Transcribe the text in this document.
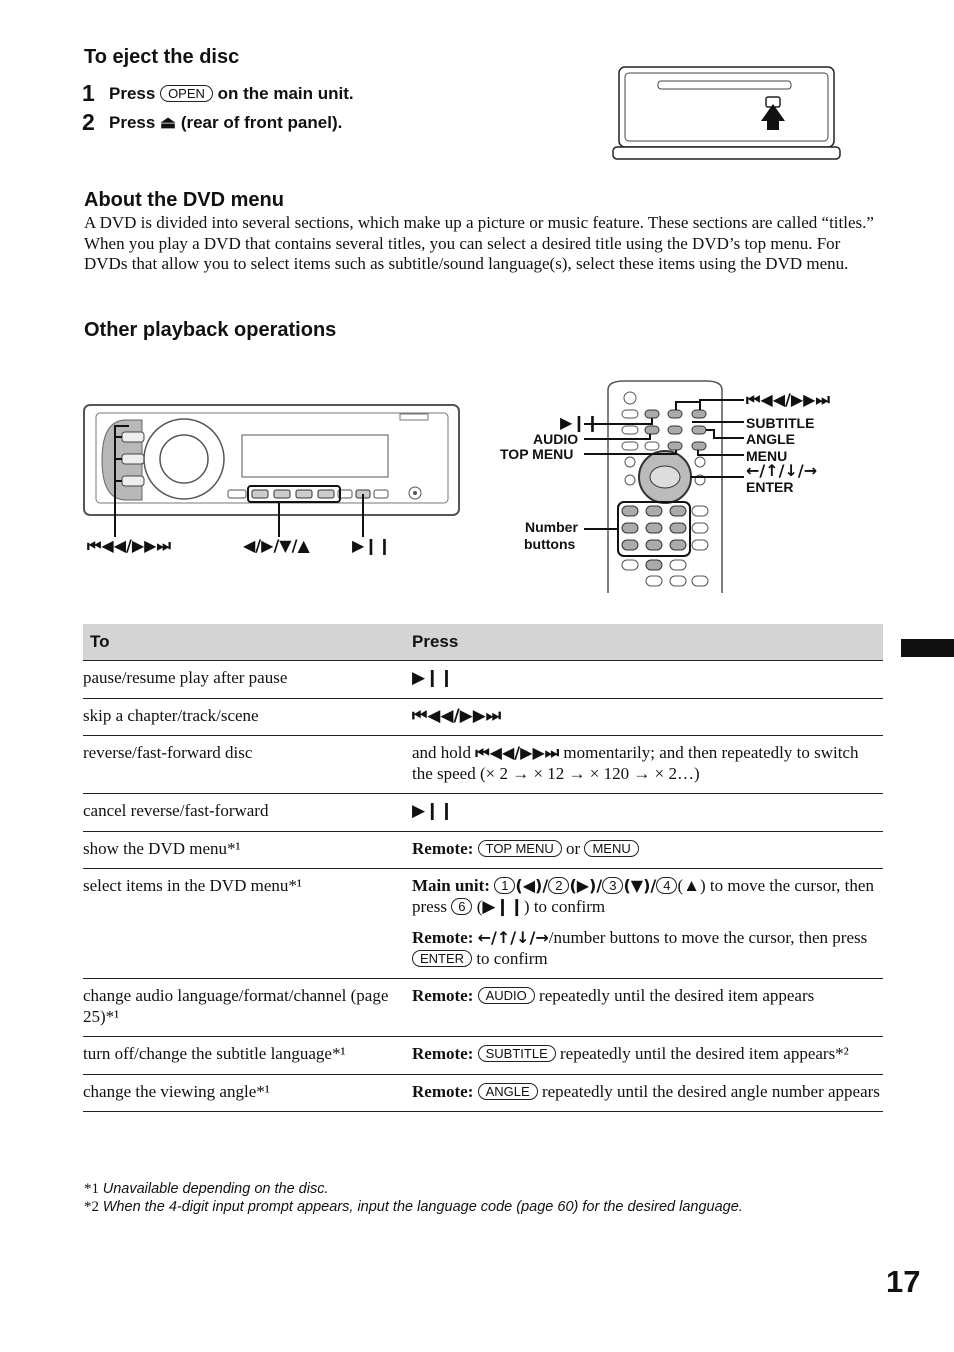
To eject the disc
1 Press OPEN on the main unit.
2 Press ⏏ (rear of front panel).
About the DVD menu
A DVD is divided into several sections, which make up a picture or music feature. These sections are called “titles.” When you play a DVD that contains several titles, you can select a desired title using the DVD’s top menu. For DVDs that allow you to select items such as subtitle/sound language(s), select these items using the DVD menu.
Other playback operations
⏮◀◀/▶▶⏭	◀/▶/▼/▲	▶❙❙
▶❙❙
AUDIO
TOP MENU
Number
buttons
⏮◀◀/▶▶⏭
SUBTITLE
ANGLE
MENU
←/↑/↓/→
ENTER
To	Press
pause/resume play after pause	▶❙❙
skip a chapter/track/scene	⏮◀◀/▶▶⏭
reverse/fast-forward disc	and hold ⏮◀◀/▶▶⏭ momentarily; and then repeatedly to switch the speed (× 2 → × 12 → × 120 → × 2…)
cancel reverse/fast-forward	▶❙❙
show the DVD menu*¹	Remote: TOP MENU or MENU
select items in the DVD menu*¹	Main unit: 1 (◀)/ 2 (▶)/ 3 (▼)/ 4 (▲) to move the cursor, then press 6 (▶❙❙) to confirm
Remote: ←/↑/↓/→/number buttons to move the cursor, then press ENTER to confirm

change audio language/format/channel (page 25)*¹	Remote: AUDIO repeatedly until the desired item appears
turn off/change the subtitle language*¹	Remote: SUBTITLE repeatedly until the desired item appears*²
change the viewing angle*¹	Remote: ANGLE repeatedly until the desired angle number appears
*1 Unavailable depending on the disc.
*2 When the 4-digit input prompt appears, input the language code (page 60) for the desired language.
17
